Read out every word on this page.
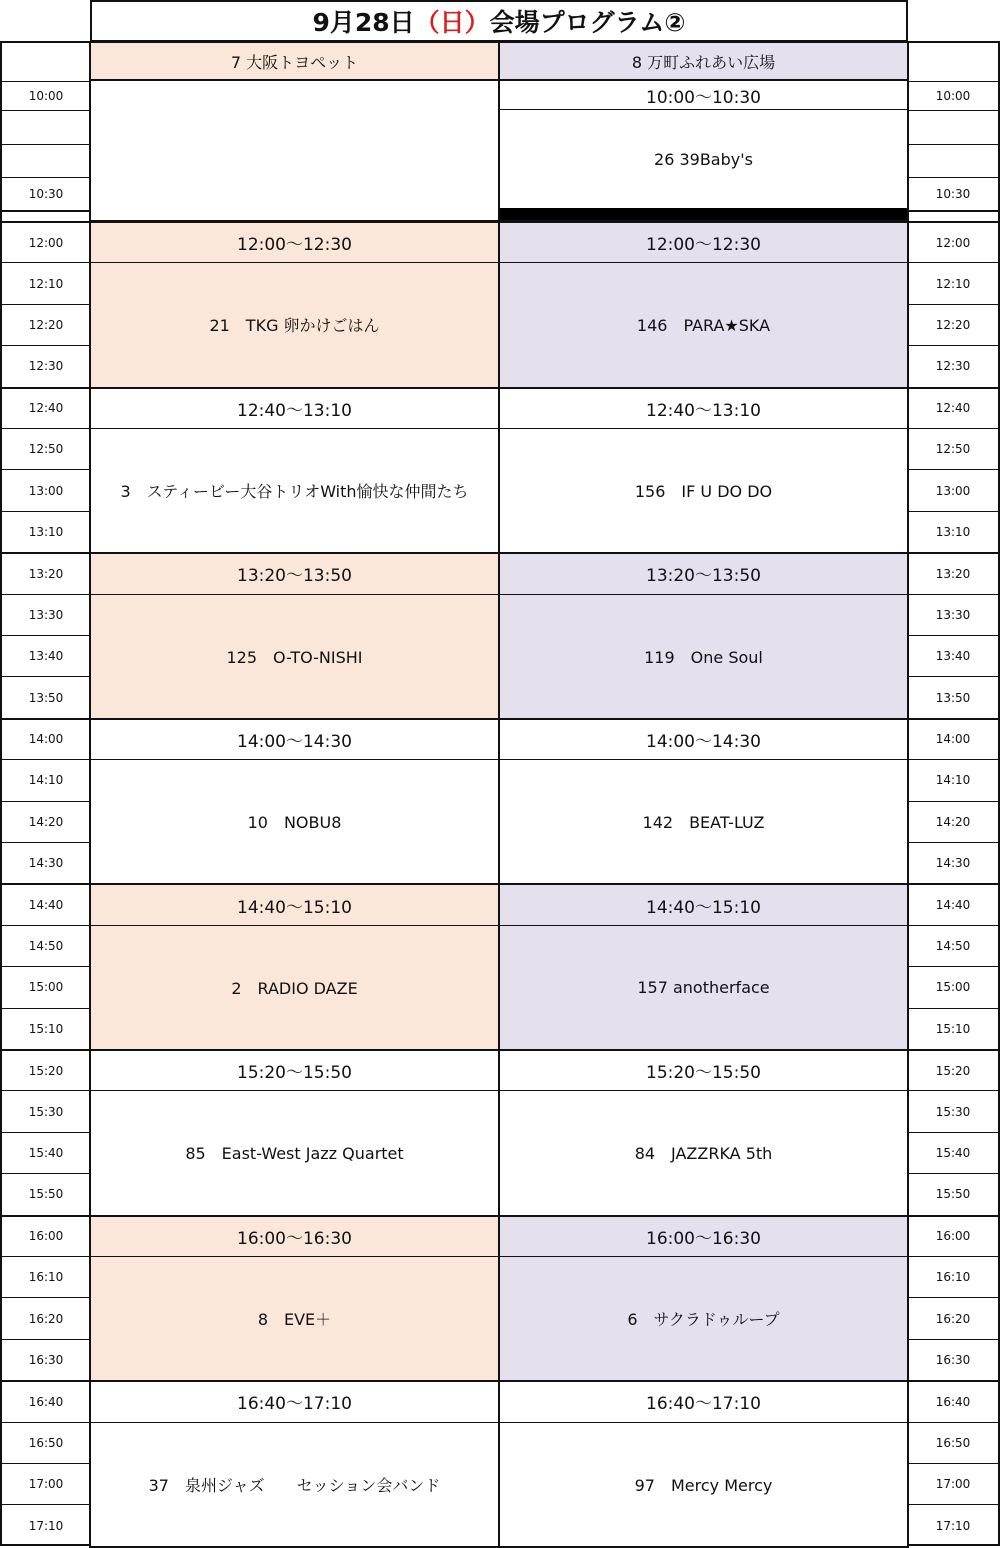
9月28日 （日） 会場プログラム②
7 大阪トヨペット	8 万町ふれあい広場
10:00
10:30
10:00
10:30
10:00～10:30
26 39Baby's
12:00
12:10
12:20
12:30
12:40
12:50
13:00
13:10
13:20
13:30
13:40
13:50
14:00
14:10
14:20
14:30
14:40
14:50
15:00
15:10
15:20
15:30
15:40
15:50
16:00
16:10
16:20
16:30
16:40
16:50
17:00
17:10
12:00
12:10
12:20
12:30
12:40
12:50
13:00
13:10
13:20
13:30
13:40
13:50
14:00
14:10
14:20
14:30
14:40
14:50
15:00
15:10
15:20
15:30
15:40
15:50
16:00
16:10
16:20
16:30
16:40
16:50
17:00
17:10
12:00～12:30
21　TKG 卵かけごはん
12:00～12:30
146　PARA★SKA
12:40～13:10
3　スティービー大谷トリオWith愉快な仲間たち
12:40～13:10
156　IF U DO DO
13:20～13:50
125　O-TO-NISHI
13:20～13:50
119　One Soul
14:00～14:30
10　NOBU8
14:00～14:30
142　BEAT-LUZ
14:40～15:10
2　RADIO DAZE
14:40～15:10
157 anotherface
15:20～15:50
85　East-West Jazz Quartet
15:20～15:50
84　JAZZRKA 5th
16:00～16:30
8　EVE＋
16:00～16:30
6　サクラドゥループ
16:40～17:10
37　泉州ジャズ　　セッション会バンド
16:40～17:10
97　Mercy Mercy
